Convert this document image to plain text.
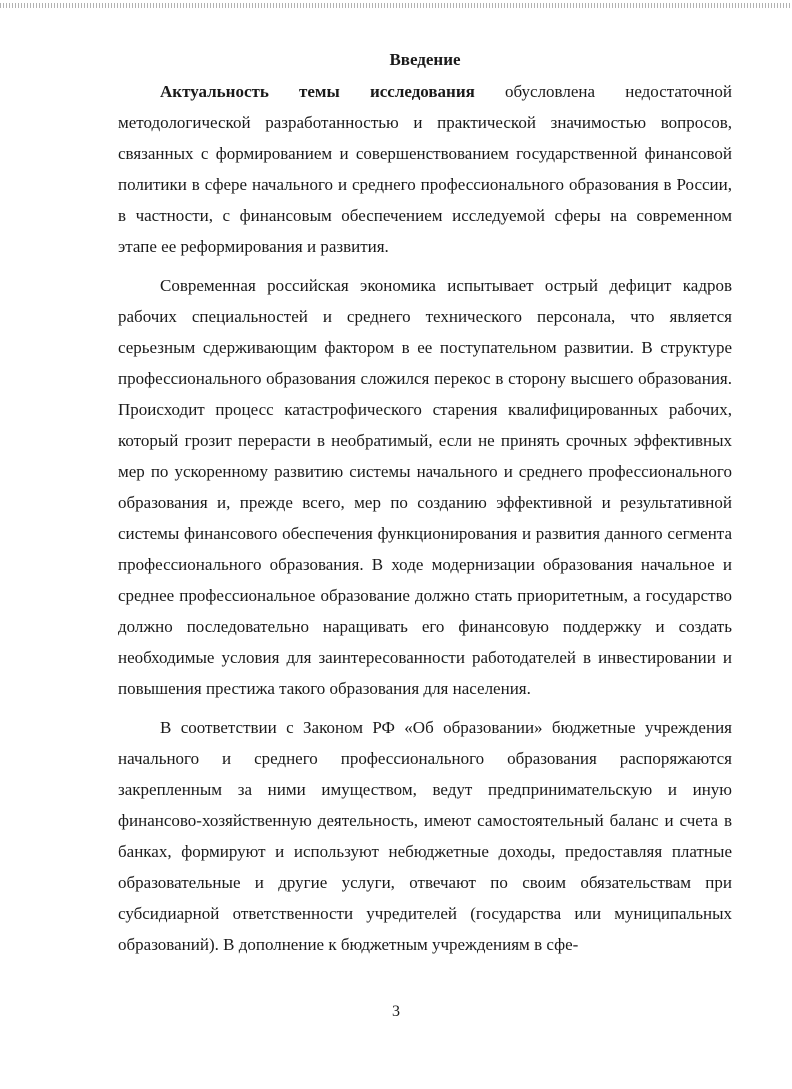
Введение

Актуальность темы исследования обусловлена недостаточной методологической разработанностью и практической значимостью вопросов, связанных с формированием и совершенствованием государственной финансовой политики в сфере начального и среднего профессионального образования в России, в частности, с финансовым обеспечением исследуемой сферы на современном этапе ее реформирования и развития.

Современная российская экономика испытывает острый дефицит кадров рабочих специальностей и среднего технического персонала, что является серьезным сдерживающим фактором в ее поступательном развитии. В структуре профессионального образования сложился перекос в сторону высшего образования. Происходит процесс катастрофического старения квалифицированных рабочих, который грозит перерасти в необратимый, если не принять срочных эффективных мер по ускоренному развитию системы начального и среднего профессионального образования и, прежде всего, мер по созданию эффективной и результативной системы финансового обеспечения функционирования и развития данного сегмента профессионального образования. В ходе модернизации образования начальное и среднее профессиональное образование должно стать приоритетным, а государство должно последовательно наращивать его финансовую поддержку и создать необходимые условия для заинтересованности работодателей в инвестировании и повышения престижа такого образования для населения.

В соответствии с Законом РФ «Об образовании» бюджетные учреждения начального и среднего профессионального образования распоряжаются закрепленным за ними имуществом, ведут предпринимательскую и иную финансово-хозяйственную деятельность, имеют самостоятельный баланс и счета в банках, формируют и используют небюджетные доходы, предоставляя платные образовательные и другие услуги, отвечают по своим обязательствам при субсидиарной ответственности учредителей (государства или муниципальных образований). В дополнение к бюджетным учреждениям в сфе-

3
